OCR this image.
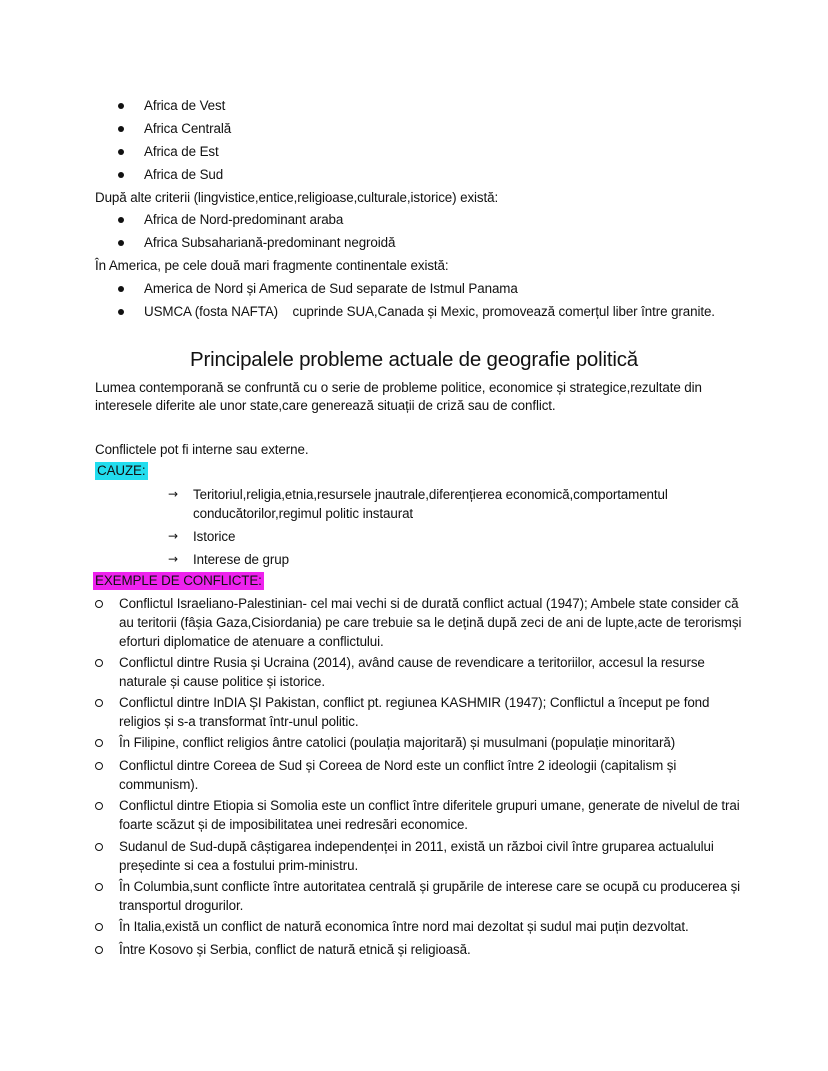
Africa de Vest
Africa Centrală
Africa de Est
Africa de Sud
După alte criterii (lingvistice,entice,religioase,culturale,istorice) există:
Africa de Nord-predominant araba
Africa Subsahariană-predominant negroidă
În America, pe cele două mari fragmente continentale există:
America de Nord și America de Sud separate de Istmul Panama
USMCA (fosta NAFTA)    cuprinde SUA,Canada și Mexic, promovează comerțul liber între granite.
Principalele probleme actuale de geografie politică
Lumea contemporană se confruntă cu o serie de probleme politice, economice și strategice,rezultate din
interesele diferite ale unor state,care generează situații de criză sau de conflict.
Conflictele pot fi interne sau externe.
CAUZE:
→	Teritoriul,religia,etnia,resursele jnautrale,diferențierea economică,comportamentul conducătorilor,regimul politic instaurat
→	Istorice
→	Interese de grup
EXEMPLE DE CONFLICTE:
Conflictul Israeliano-Palestinian- cel mai vechi si de durată conflict actual (1947); Ambele state consider că au teritorii (fâșia Gaza,Cisiordania) pe care trebuie sa le dețină după zeci de ani de lupte,acte de terorismși eforturi diplomatice de atenuare a conflictului.
Conflictul dintre Rusia și Ucraina (2014), având cause de revendicare a teritoriilor, accesul la resurse naturale și cause politice și istorice.
Conflictul dintre InDIA ȘI Pakistan, conflict pt. regiunea KASHMIR (1947); Conflictul a început pe fond religios și s-a transformat într-unul politic.
În Filipine, conflict religios ântre catolici (poulația majoritară) și musulmani (populație minoritară)
Conflictul dintre Coreea de Sud și Coreea de Nord este un conflict între 2 ideologii (capitalism și communism).
Conflictul dintre Etiopia si Somolia este un conflict între diferitele grupuri umane, generate de nivelul de trai foarte scăzut și de imposibilitatea unei redresări economice.
Sudanul de Sud-după câștigarea independenței in 2011, există un război civil între gruparea actualului președinte si cea a fostului prim-ministru.
În Columbia,sunt conflicte între autoritatea centrală și grupările de interese care se ocupă cu producerea și transportul drogurilor.
În Italia,există un conflict de natură economica între nord mai dezoltat și sudul mai puțin dezvoltat.
Între Kosovo și Serbia, conflict de natură etnică și religioasă.
